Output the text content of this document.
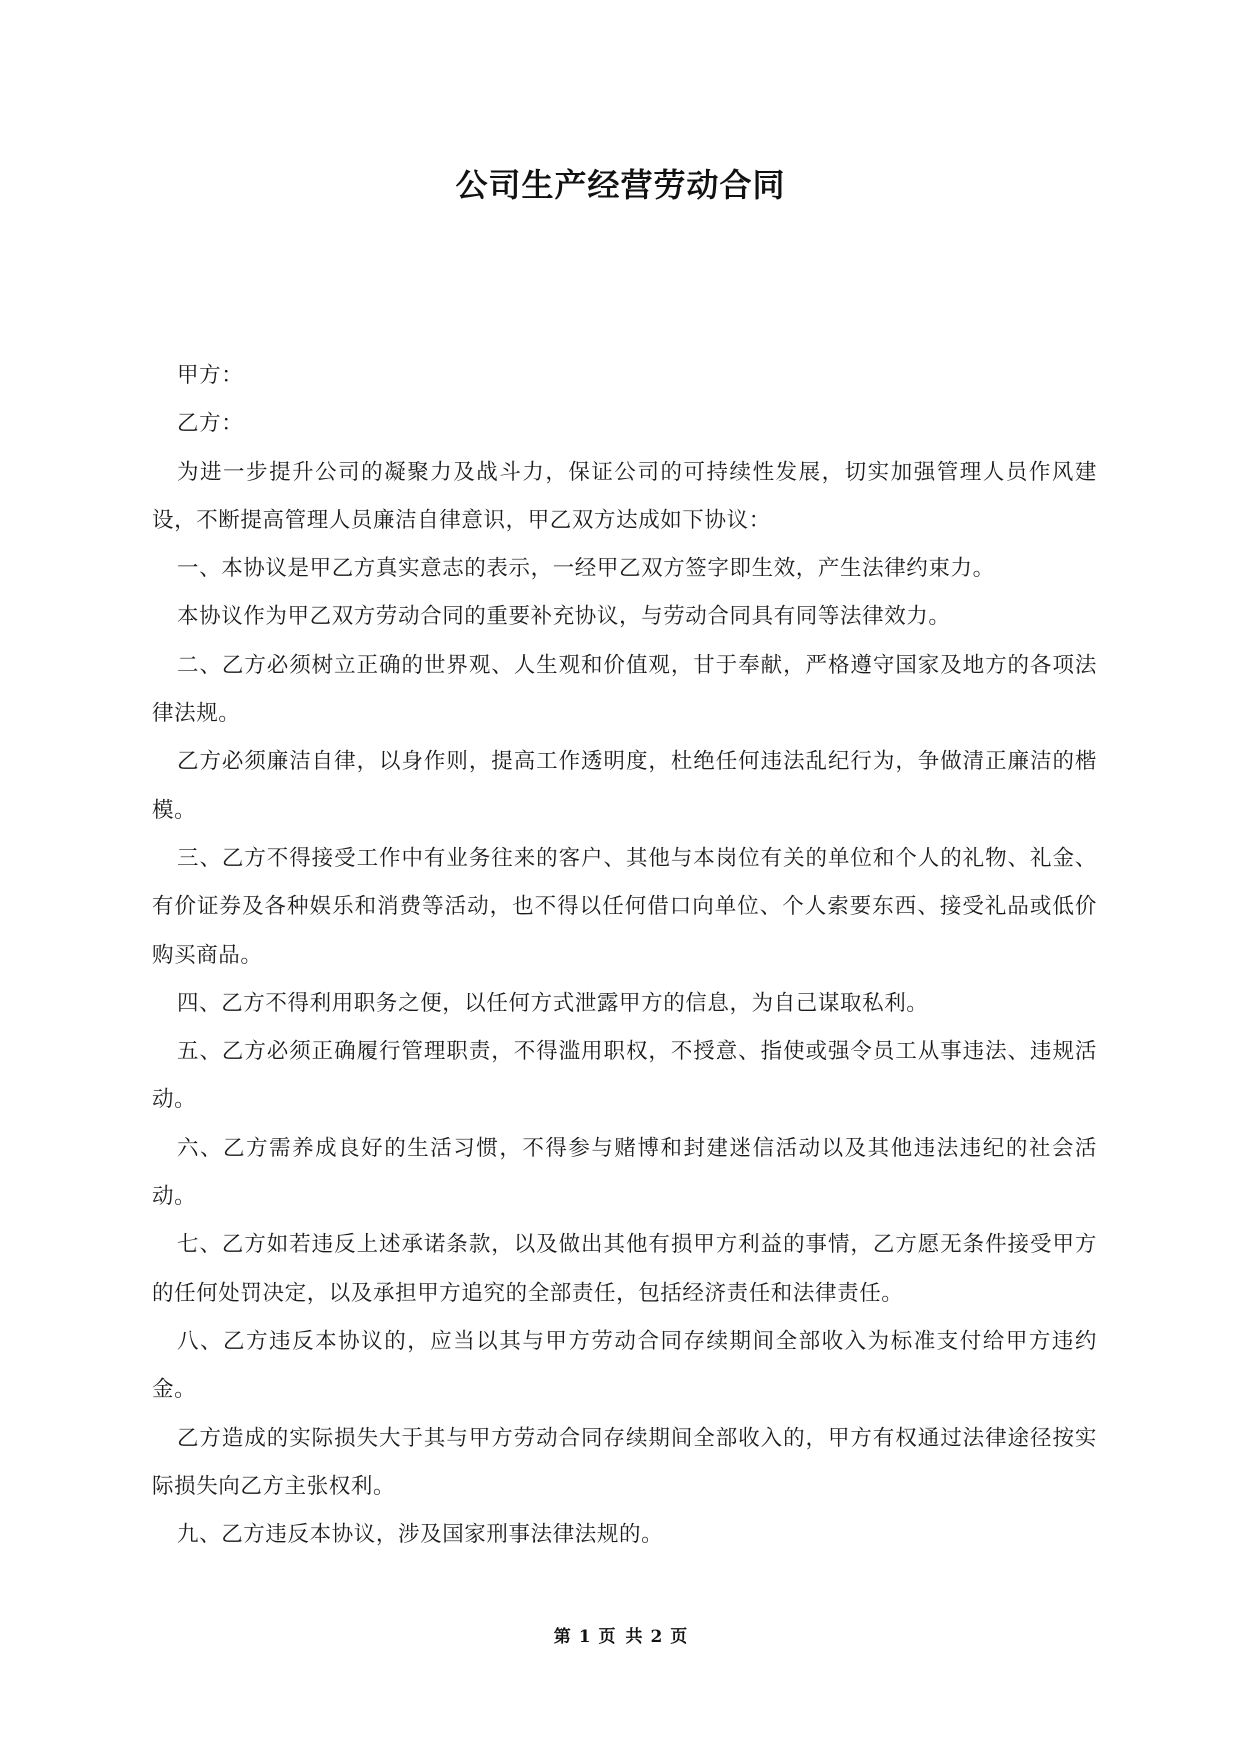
公司生产经营劳动合同

甲方：

乙方：

为进一步提升公司的凝聚力及战斗力，保证公司的可持续性发展，切实加强管理人员作风建设，不断提高管理人员廉洁自律意识，甲乙双方达成如下协议：

一、本协议是甲乙方真实意志的表示，一经甲乙双方签字即生效，产生法律约束力。

本协议作为甲乙双方劳动合同的重要补充协议，与劳动合同具有同等法律效力。

二、乙方必须树立正确的世界观、人生观和价值观，甘于奉献，严格遵守国家及地方的各项法律法规。

乙方必须廉洁自律，以身作则，提高工作透明度，杜绝任何违法乱纪行为，争做清正廉洁的楷模。

三、乙方不得接受工作中有业务往来的客户、其他与本岗位有关的单位和个人的礼物、礼金、有价证券及各种娱乐和消费等活动，也不得以任何借口向单位、个人索要东西、接受礼品或低价购买商品。

四、乙方不得利用职务之便，以任何方式泄露甲方的信息，为自己谋取私利。

五、乙方必须正确履行管理职责，不得滥用职权，不授意、指使或强令员工从事违法、违规活动。

六、乙方需养成良好的生活习惯，不得参与赌博和封建迷信活动以及其他违法违纪的社会活动。

七、乙方如若违反上述承诺条款，以及做出其他有损甲方利益的事情，乙方愿无条件接受甲方的任何处罚决定，以及承担甲方追究的全部责任，包括经济责任和法律责任。

八、乙方违反本协议的，应当以其与甲方劳动合同存续期间全部收入为标准支付给甲方违约金。

乙方造成的实际损失大于其与甲方劳动合同存续期间全部收入的，甲方有权通过法律途径按实际损失向乙方主张权利。

九、乙方违反本协议，涉及国家刑事法律法规的。

第 1 页 共 2 页
